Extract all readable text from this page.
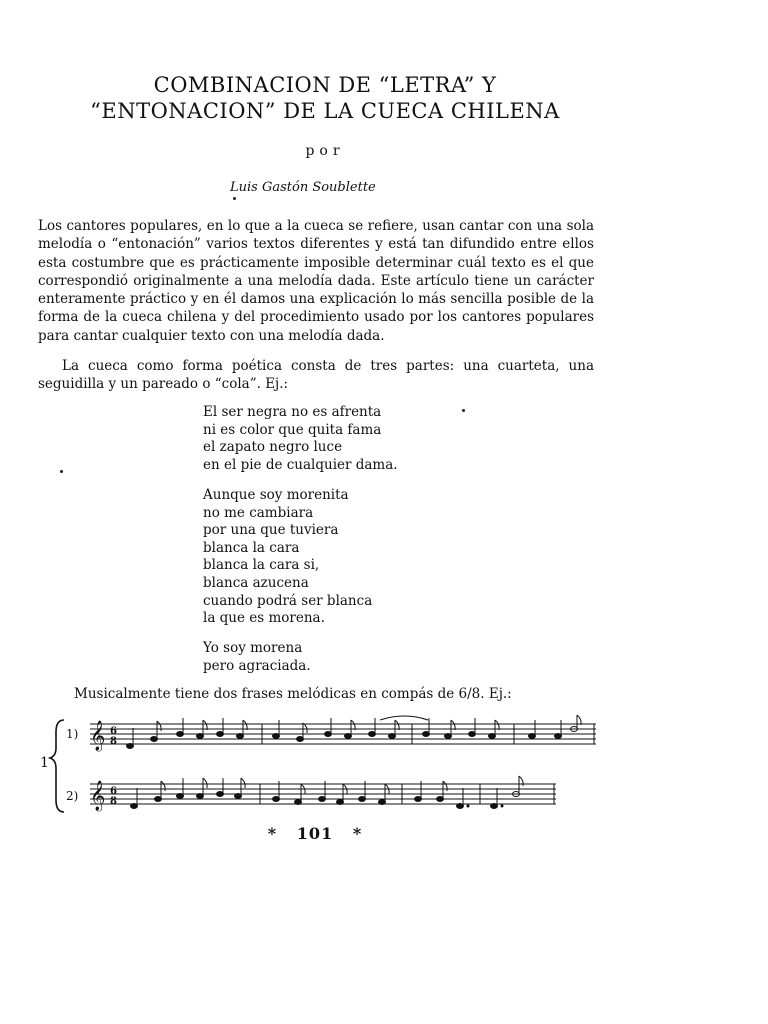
COMBINACION DE “LETRA” Y
“ENTONACION” DE LA CUECA CHILENA
por
Luis Gastón Soublette
Los cantores populares, en lo que a la cueca se refiere, usan cantar con una sola melodía o “entonación” varios textos diferentes y está tan difundido entre ellos esta costumbre que es prácticamente imposible determinar cuál texto es el que correspondió originalmente a una melodía dada. Este artículo tiene un carácter enteramente práctico y en él damos una explicación lo más sencilla posible de la forma de la cueca chilena y del procedimiento usado por los cantores populares para cantar cualquier texto con una melodía dada.
La cueca como forma poética consta de tres partes: una cuarteta, una seguidilla y un pareado o “cola”. Ej.:
El ser negra no es afrenta
ni es color que quita fama
el zapato negro luce
en el pie de cualquier dama.
Aunque soy morenita
no me cambiara
por una que tuviera
blanca la cara
blanca la cara si,
blanca azucena
cuando podrá ser blanca
la que es morena.
Yo soy morena
pero agraciada.
Musicalmente tiene dos frases melódicas en compás de 6/8. Ej.:
1
1) 𝄞 6
8
2) 𝄞 6
8
* 101 *
